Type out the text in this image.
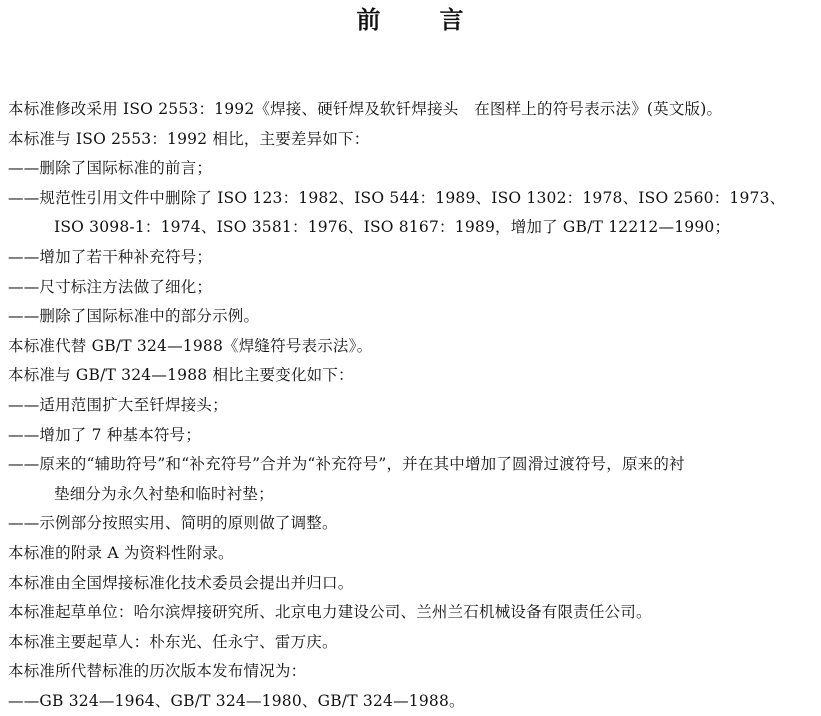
前 言
本标准修改采用 ISO 2553：1992《焊接、硬钎焊及软钎焊接头　在图样上的符号表示法》(英文版)。
本标准与 ISO 2553：1992 相比，主要差异如下：
——删除了国际标准的前言；
——规范性引用文件中删除了 ISO 123：1982、ISO 544：1989、ISO 1302：1978、ISO 2560：1973、
ISO 3098-1：1974、ISO 3581：1976、ISO 8167：1989，增加了 GB/T 12212—1990；
——增加了若干种补充符号；
——尺寸标注方法做了细化；
——删除了国际标准中的部分示例。
本标准代替 GB/T 324—1988《焊缝符号表示法》。
本标准与 GB/T 324—1988 相比主要变化如下：
——适用范围扩大至钎焊接头；
——增加了 7 种基本符号；
——原来的“辅助符号”和“补充符号”合并为“补充符号”，并在其中增加了圆滑过渡符号，原来的衬
垫细分为永久衬垫和临时衬垫；
——示例部分按照实用、简明的原则做了调整。
本标准的附录 A 为资料性附录。
本标准由全国焊接标准化技术委员会提出并归口。
本标准起草单位：哈尔滨焊接研究所、北京电力建设公司、兰州兰石机械设备有限责任公司。
本标准主要起草人：朴东光、任永宁、雷万庆。
本标准所代替标准的历次版本发布情况为：
——GB 324—1964、GB/T 324—1980、GB/T 324—1988。
